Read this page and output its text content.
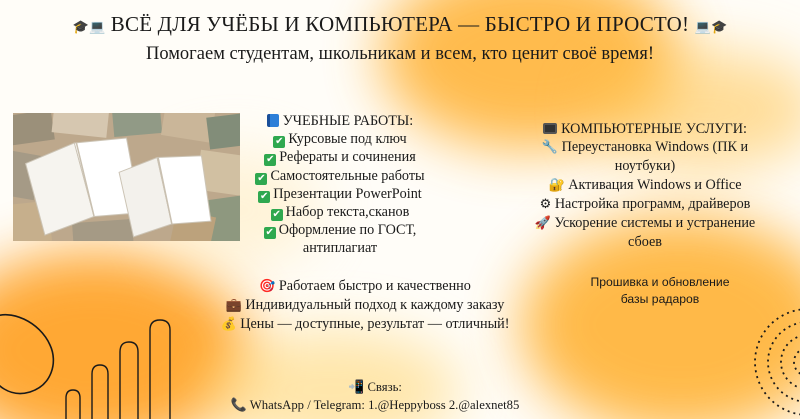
🎓💻 ВСЁ ДЛЯ УЧЁБЫ И КОМПЬЮТЕРА — БЫСТРО И ПРОСТО! 💻🎓
Помогаем студентам, школьникам и всем, кто ценит своё время!
УЧЕБНЫЕ РАБОТЫ:
✔ Курсовые под ключ
✔ Рефераты и сочинения
✔ Самостоятельные работы
✔ Презентации PowerPoint
✔ Набор текста,сканов
✔ Оформление по ГОСТ,
антиплагиат
КОМПЬЮТЕРНЫЕ УСЛУГИ:
🔧 Переустановка Windows (ПК и
ноутбуки)
🔐 Активация Windows и Office
⚙ Настройка программ, драйверов
🚀 Ускорение системы и устранение
сбоев
🎯 Работаем быстро и качественно
💼 Индивидуальный подход к каждому заказу
💰 Цены — доступные, результат — отличный!
Прошивка и обновление
базы радаров
📲 Связь:
📞 WhatsApp / Telegram: 1.@Heppyboss 2.@alexnet85
